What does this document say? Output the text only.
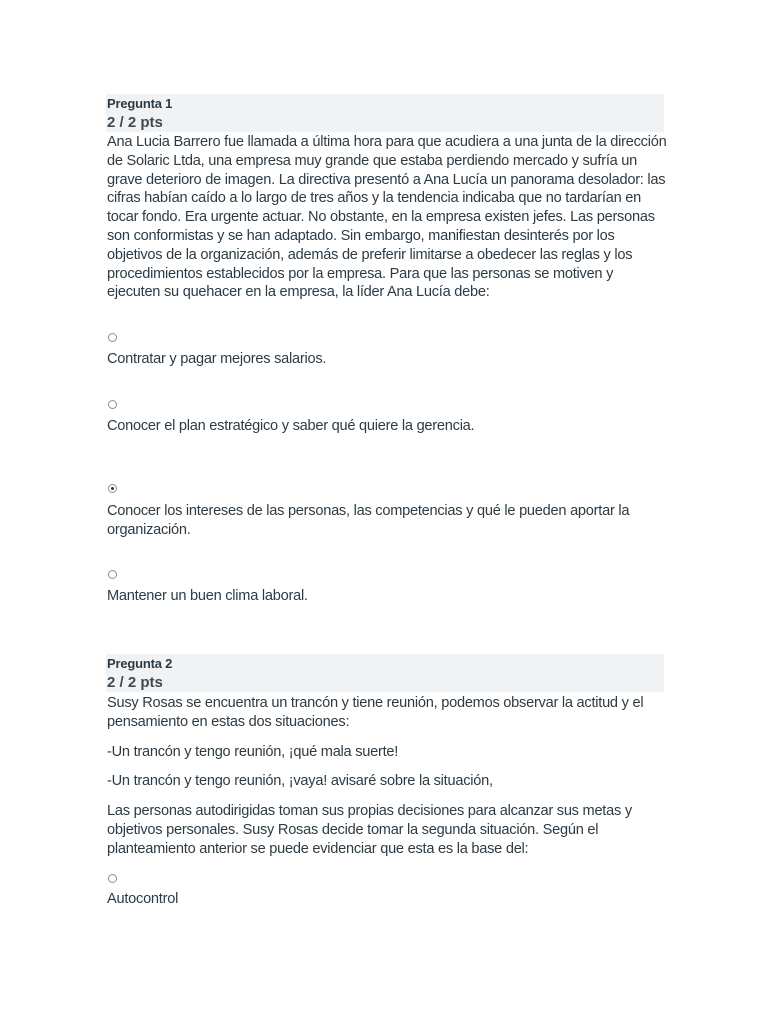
Pregunta 1
2 / 2 pts

Ana Lucia Barrero fue llamada a última hora para que acudiera a una junta de la dirección de Solaric Ltda, una empresa muy grande que estaba perdiendo mercado y sufría un grave deterioro de imagen. La directiva presentó a Ana Lucía un panorama desolador: las cifras habían caído a lo largo de tres años y la tendencia indicaba que no tardarían en tocar fondo. Era urgente actuar. No obstante, en la empresa existen jefes. Las personas son conformistas y se han adaptado. Sin embargo, manifiestan desinterés por los objetivos de la organización, además de preferir limitarse a obedecer las reglas y los procedimientos establecidos por la empresa. Para que las personas se motiven y ejecuten su quehacer en la empresa, la líder Ana Lucía debe:

Contratar y pagar mejores salarios.
Conocer el plan estratégico y saber qué quiere la gerencia.
Conocer los intereses de las personas, las competencias y qué le pueden aportar la organización.
Mantener un buen clima laboral.
Pregunta 2
2 / 2 pts

Susy Rosas se encuentra un trancón y tiene reunión, podemos observar la actitud y el pensamiento en estas dos situaciones:

-Un trancón y tengo reunión, ¡qué mala suerte!

-Un trancón y tengo reunión, ¡vaya! avisaré sobre la situación,

Las personas autodirigidas toman sus propias decisiones para alcanzar sus metas y objetivos personales. Susy Rosas decide tomar la segunda situación. Según el planteamiento anterior se puede evidenciar que esta es la base del:

Autocontrol
